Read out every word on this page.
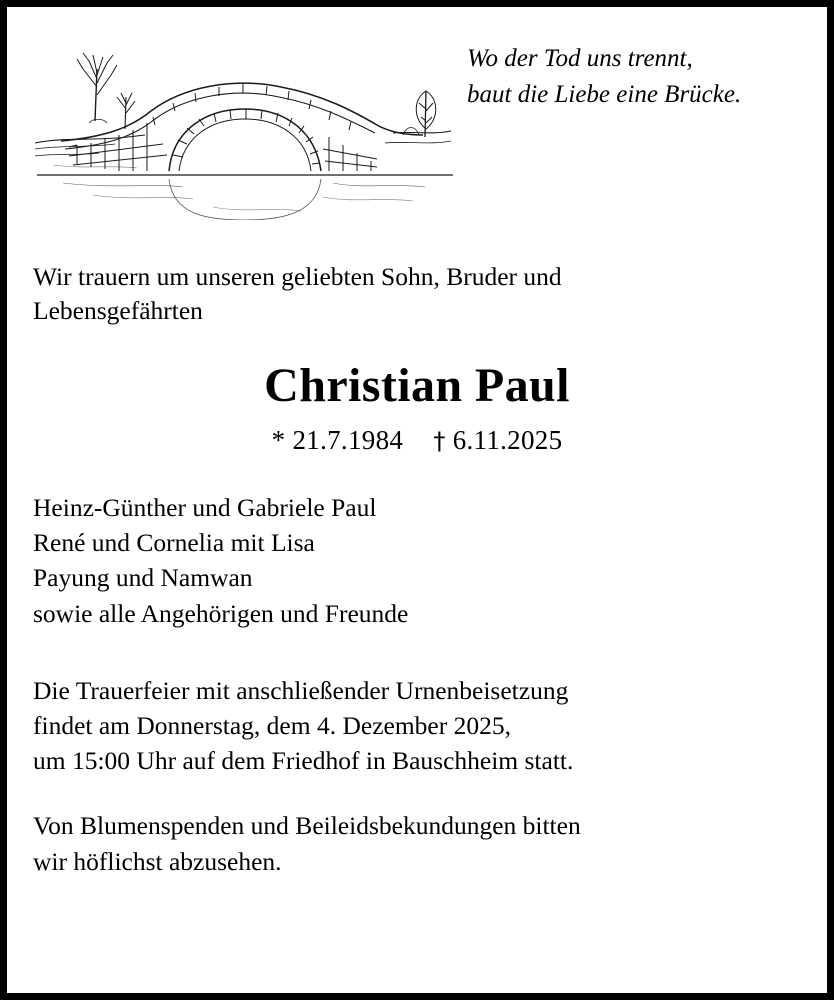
Wo der Tod uns trennt,
baut die Liebe eine Brücke.
Wir trauern um unseren geliebten Sohn, Bruder und
Lebensgefährten
Christian Paul
* 21.7.1984 † 6.11.2025
Heinz-Günther und Gabriele Paul
René und Cornelia mit Lisa
Payung und Namwan
sowie alle Angehörigen und Freunde
Die Trauerfeier mit anschließender Urnenbeisetzung
findet am Donnerstag, dem 4. Dezember 2025,
um 15:00 Uhr auf dem Friedhof in Bauschheim statt.
Von Blumenspenden und Beileidsbekundungen bitten
wir höflichst abzusehen.
